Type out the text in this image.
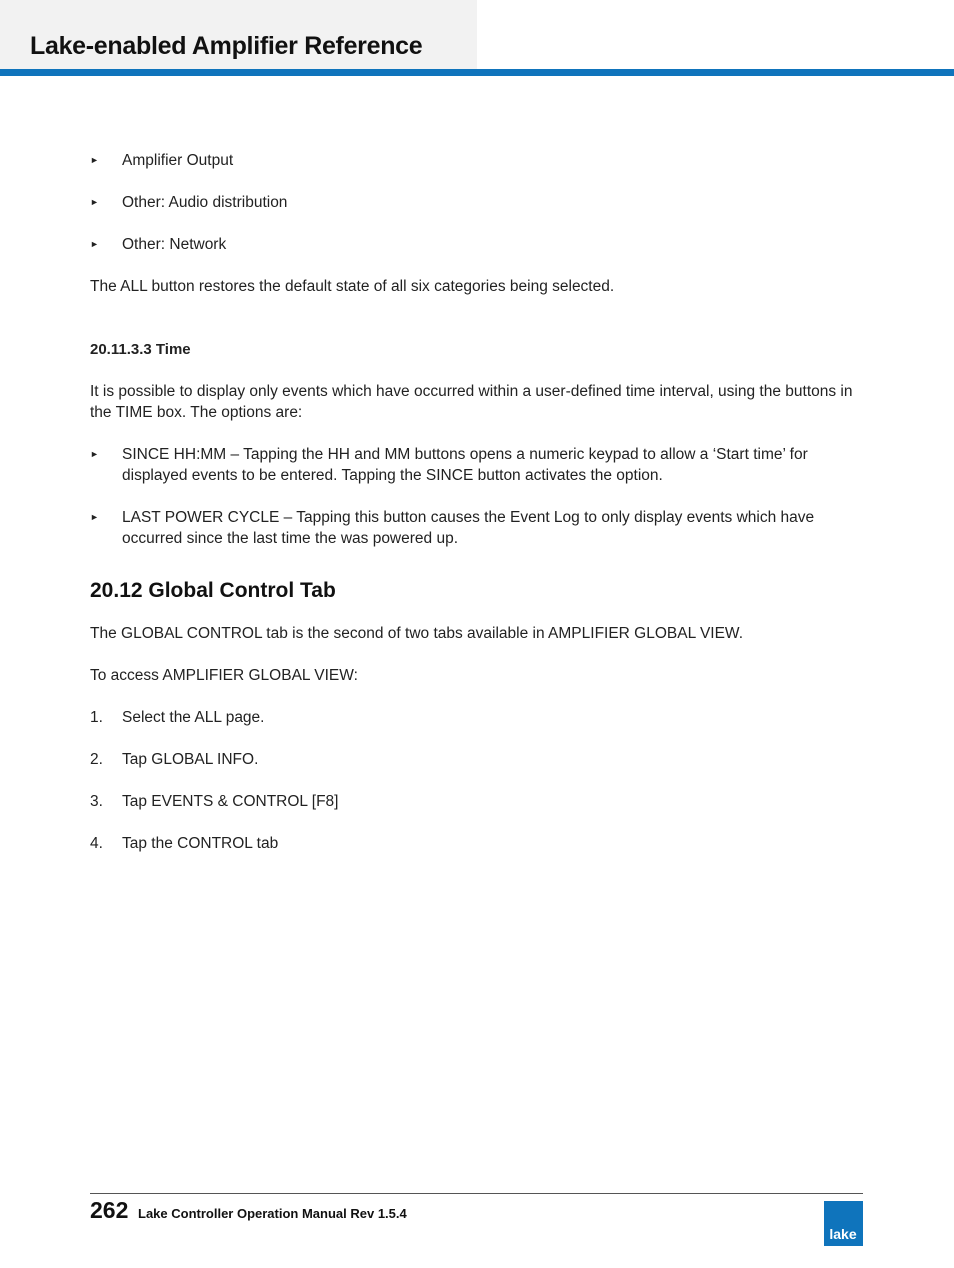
Lake-enabled Amplifier Reference
► Amplifier Output
► Other: Audio distribution
► Other: Network

The ALL button restores the default state of all six categories being selected.

20.11.3.3 Time

It is possible to display only events which have occurred within a user-defined time interval, using the buttons in the TIME box. The options are:

► SINCE HH:MM – Tapping the HH and MM buttons opens a numeric keypad to allow a ‘Start time’ for displayed events to be entered. Tapping the SINCE button activates the option.
► LAST POWER CYCLE – Tapping this button causes the Event Log to only display events which have occurred since the last time the was powered up.
20.12 Global Control Tab

The GLOBAL CONTROL tab is the second of two tabs available in AMPLIFIER GLOBAL VIEW.

To access AMPLIFIER GLOBAL VIEW:

1. Select the ALL page.
2. Tap GLOBAL INFO.
3. Tap EVENTS & CONTROL [F8]
4. Tap the CONTROL tab
262 Lake Controller Operation Manual Rev 1.5.4
lake
